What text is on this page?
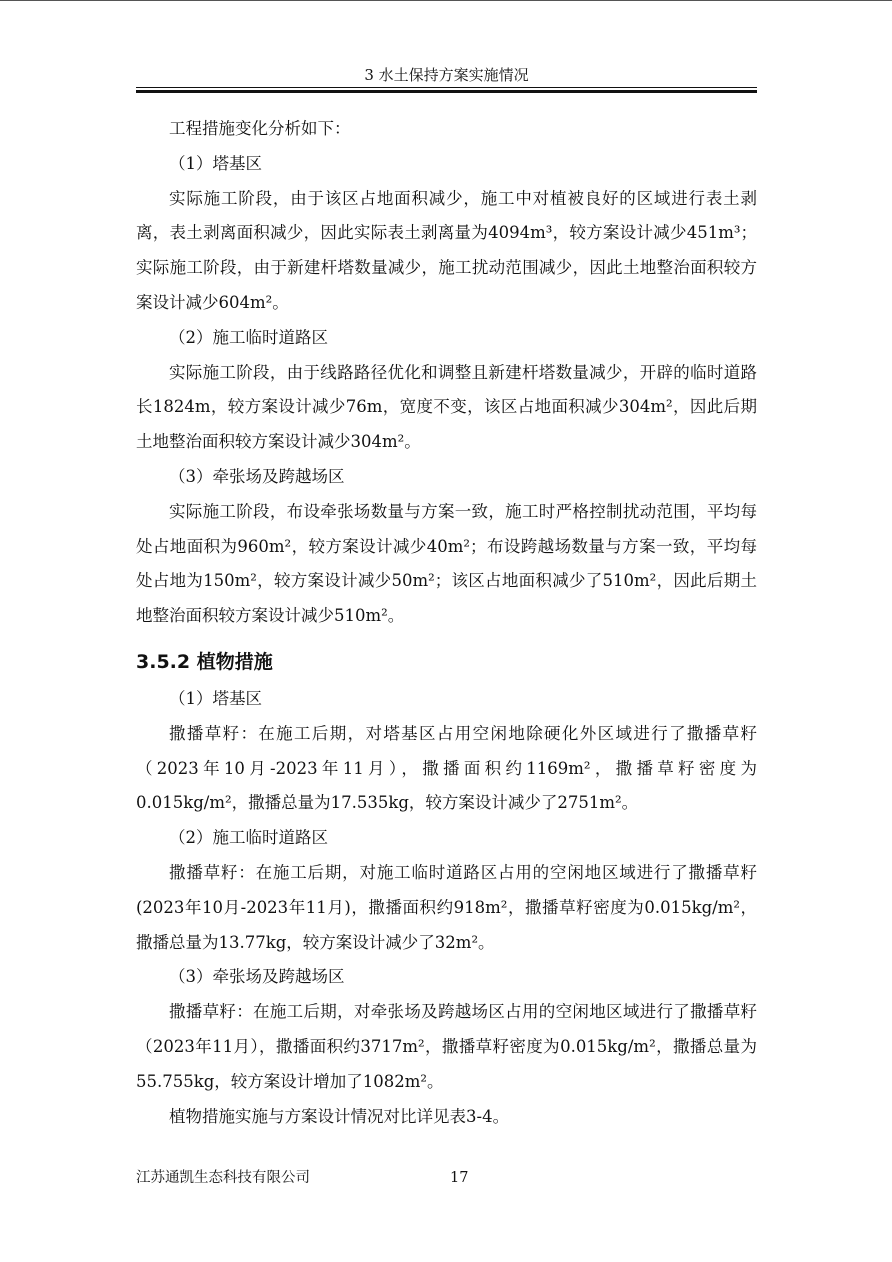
3 水土保持方案实施情况

工程措施变化分析如下：

（1）塔基区

实际施工阶段，由于该区占地面积减少，施工中对植被良好的区域进行表土剥离，表土剥离面积减少，因此实际表土剥离量为4094m³，较方案设计减少451m³；实际施工阶段，由于新建杆塔数量减少，施工扰动范围减少，因此土地整治面积较方案设计减少604m²。

（2）施工临时道路区

实际施工阶段，由于线路路径优化和调整且新建杆塔数量减少，开辟的临时道路长1824m，较方案设计减少76m，宽度不变，该区占地面积减少304m²，因此后期土地整治面积较方案设计减少304m²。

（3）牵张场及跨越场区

实际施工阶段，布设牵张场数量与方案一致，施工时严格控制扰动范围，平均每处占地面积为960m²，较方案设计减少40m²；布设跨越场数量与方案一致，平均每处占地为150m²，较方案设计减少50m²；该区占地面积减少了510m²，因此后期土地整治面积较方案设计减少510m²。

3.5.2 植物措施

（1）塔基区

撒播草籽：在施工后期，对塔基区占用空闲地除硬化外区域进行了撒播草籽（2023年10月-2023年11月），撒播面积约1169m²，撒播草籽密度为0.015kg/m²，撒播总量为17.535kg，较方案设计减少了2751m²。

（2）施工临时道路区

撒播草籽：在施工后期，对施工临时道路区占用的空闲地区域进行了撒播草籽(2023年10月-2023年11月)，撒播面积约918m²，撒播草籽密度为0.015kg/m²，撒播总量为13.77kg，较方案设计减少了32m²。

（3）牵张场及跨越场区

撒播草籽：在施工后期，对牵张场及跨越场区占用的空闲地区域进行了撒播草籽（2023年11月），撒播面积约3717m²，撒播草籽密度为0.015kg/m²，撒播总量为55.755kg，较方案设计增加了1082m²。

植物措施实施与方案设计情况对比详见表3-4。

江苏通凯生态科技有限公司	17
